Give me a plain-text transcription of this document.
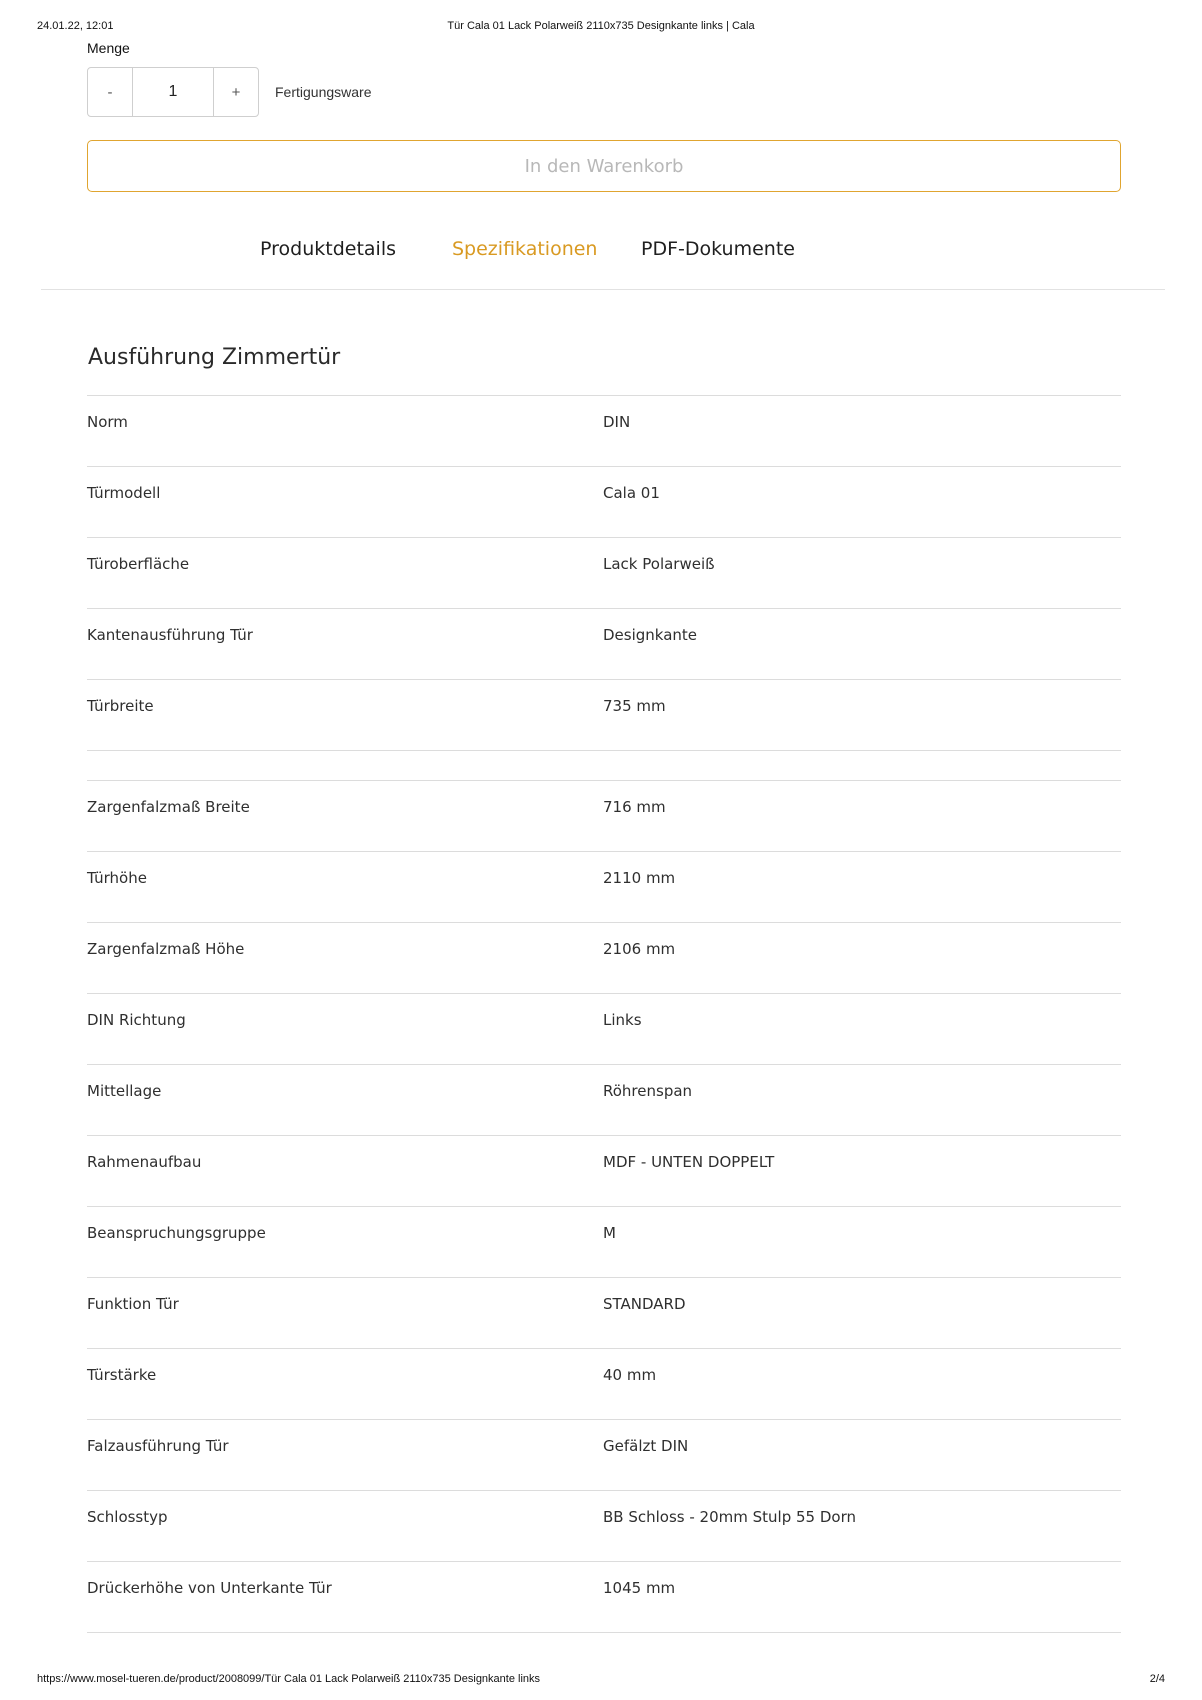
24.01.22, 12:01	Tür Cala 01 Lack Polarweiß 2110x735 Designkante links | Cala
Menge
-	1	+	Fertigungsware
In den Warenkorb
Produktdetails	Spezifikationen PDF-Dokumente
Ausführung Zimmertür
Norm	DIN
Türmodell	Cala 01
Türoberfläche	Lack Polarweiß
Kantenausführung Tür	Designkante
Türbreite	735 mm
Zargenfalzmaß Breite	716 mm
Türhöhe	2110 mm
Zargenfalzmaß Höhe	2106 mm
DIN Richtung	Links
Mittellage	Röhrenspan
Rahmenaufbau	MDF - UNTEN DOPPELT
Beanspruchungsgruppe	M
Funktion Tür	STANDARD
Türstärke	40 mm
Falzausführung Tür	Gefälzt DIN
Schlosstyp	BB Schloss - 20mm Stulp 55 Dorn
Drückerhöhe von Unterkante Tür	1045 mm
https://www.mosel-tueren.de/product/2008099/Tür Cala 01 Lack Polarweiß 2110x735 Designkante links	2/4
